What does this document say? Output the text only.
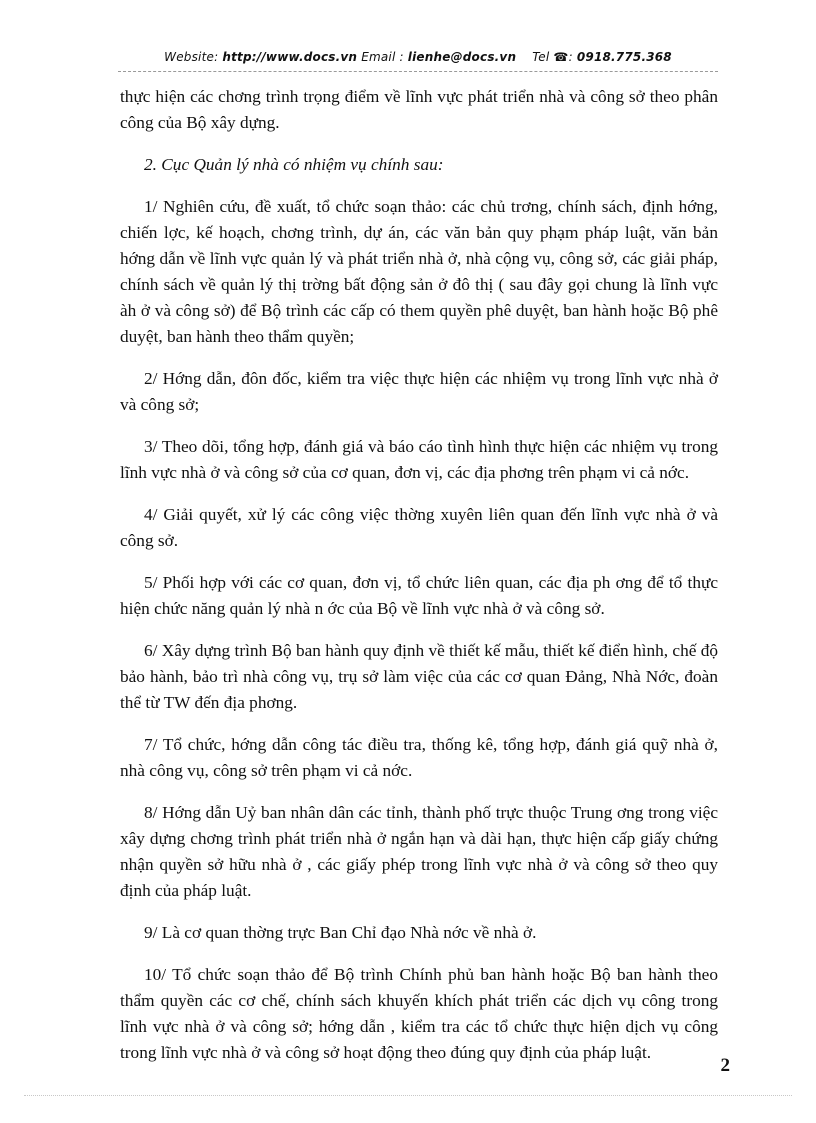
Website: http://www.docs.vn Email : lienhe@docs.vn Tel ☎: 0918.775.368

thực hiện các chơng trình trọng điểm về lĩnh vực phát triển nhà và công sở theo phân công của Bộ xây dựng.

2. Cục Quản lý nhà có nhiệm vụ chính sau:

1/ Nghiên cứu, đề xuất, tổ chức soạn thảo: các chủ trơng, chính sách, định hớng, chiến lợc, kế hoạch, chơng trình, dự án, các văn bản quy phạm pháp luật, văn bản hớng dẫn về lĩnh vực quản lý và phát triển nhà ở, nhà cộng vụ, công sở, các giải pháp, chính sách về quản lý thị trờng bất động sản ở đô thị ( sau đây gọi chung là lĩnh vực àh ở và công sở) để Bộ trình các cấp có them quyền phê duyệt, ban hành hoặc Bộ phê duyệt, ban hành theo thẩm quyền;

2/ Hớng dẫn, đôn đốc, kiểm tra việc thực hiện các nhiệm vụ trong lĩnh vực nhà ở và công sở;

3/ Theo dõi, tổng hợp, đánh giá và báo cáo tình hình thực hiện các nhiệm vụ trong lĩnh vực nhà ở và công sở của cơ quan, đơn vị, các địa phơng trên phạm vi cả nớc.

4/ Giải quyết, xử lý các công việc thờng xuyên liên quan đến lĩnh vực nhà ở và công sở.

5/ Phối hợp với các cơ quan, đơn vị, tổ chức liên quan, các địa ph ơng để tổ thực hiện chức năng quản lý nhà n ớc của Bộ về lĩnh vực nhà ở và công sở.

6/ Xây dựng trình Bộ ban hành quy định về thiết kế mẫu, thiết kế điển hình, chế độ bảo hành, bảo trì nhà công vụ, trụ sở làm việc của các cơ quan Đảng, Nhà Nớc, đoàn thể từ TW đến địa phơng.

7/ Tổ chức, hớng dẫn công tác điều tra, thống kê, tổng hợp, đánh giá quỹ nhà ở, nhà công vụ, công sở trên phạm vi cả nớc.

8/ Hớng dẫn Uỷ ban nhân dân các tỉnh, thành phố trực thuộc Trung ơng trong việc xây dựng chơng trình phát triển nhà ở ngắn hạn và dài hạn, thực hiện cấp giấy chứng nhận quyền sở hữu nhà ở , các giấy phép trong lĩnh vực nhà ở và công sở theo quy định của pháp luật.

9/ Là cơ quan thờng trực Ban Chỉ đạo Nhà nớc về nhà ở.

10/ Tổ chức soạn thảo để Bộ trình Chính phủ ban hành hoặc Bộ ban hành theo thẩm quyền các cơ chế, chính sách khuyến khích phát triển các dịch vụ công trong lĩnh vực nhà ở và công sở; hớng dẫn , kiểm tra các tổ chức thực hiện dịch vụ công trong lĩnh vực nhà ở và công sở hoạt động theo đúng quy định của pháp luật.

2
